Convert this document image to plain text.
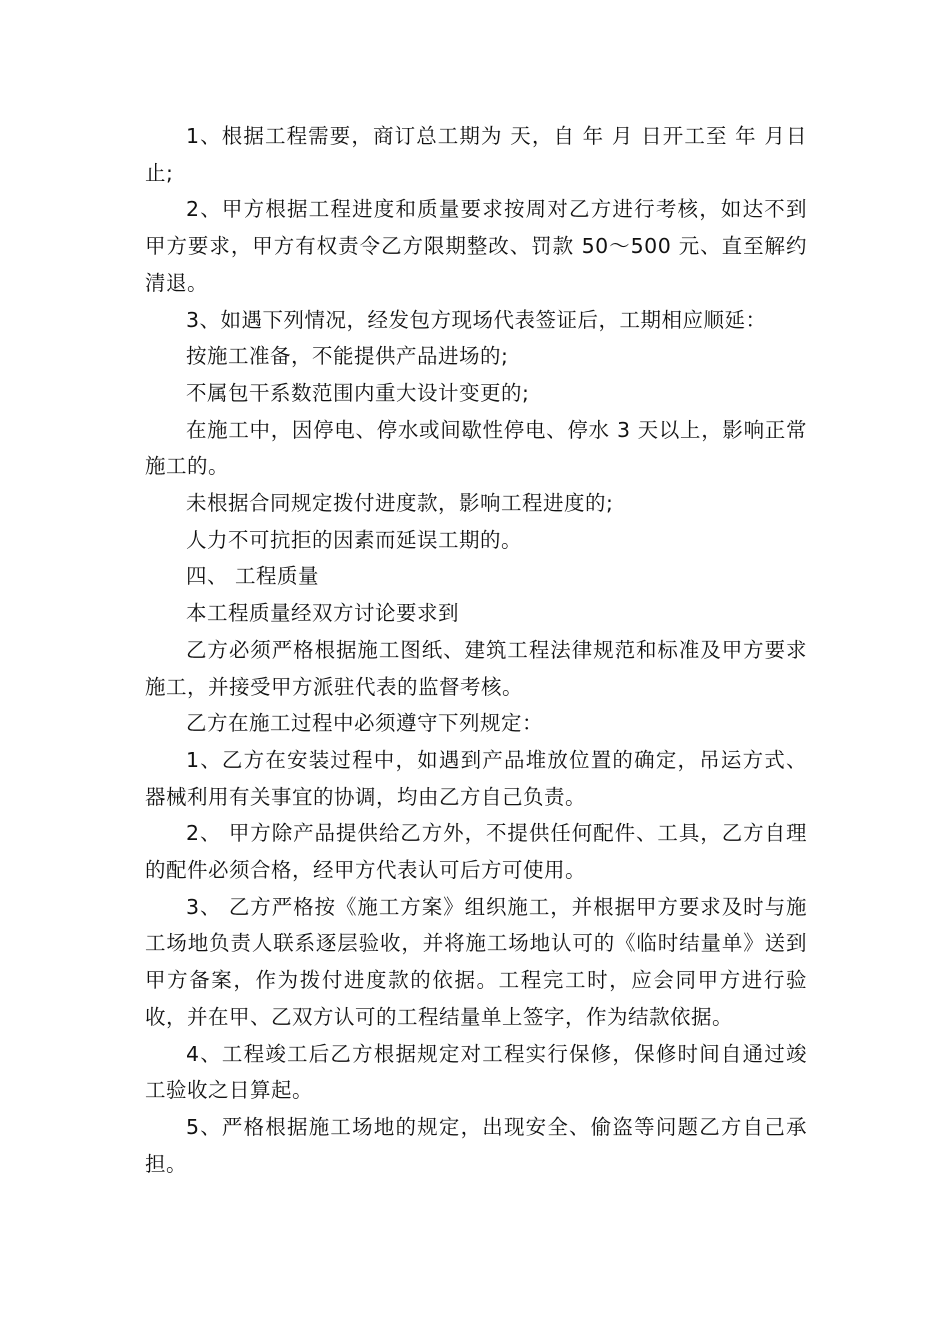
1、根据工程需要，商订总工期为 天，自 年 月 日开工至 年 月日止;

2、甲方根据工程进度和质量要求按周对乙方进行考核，如达不到甲方要求，甲方有权责令乙方限期整改、罚款 50～500 元、直至解约清退。

3、如遇下列情况，经发包方现场代表签证后，工期相应顺延：

按施工准备，不能提供产品进场的;

不属包干系数范围内重大设计变更的;

在施工中，因停电、停水或间歇性停电、停水 3 天以上，影响正常施工的。

未根据合同规定拨付进度款，影响工程进度的;

人力不可抗拒的因素而延误工期的。

四、 工程质量

本工程质量经双方讨论要求到

乙方必须严格根据施工图纸、建筑工程法律规范和标准及甲方要求施工，并接受甲方派驻代表的监督考核。

乙方在施工过程中必须遵守下列规定：

1、乙方在安装过程中，如遇到产品堆放位置的确定，吊运方式、器械利用有关事宜的协调，均由乙方自己负责。

2、 甲方除产品提供给乙方外，不提供任何配件、工具，乙方自理的配件必须合格，经甲方代表认可后方可使用。

3、 乙方严格按《施工方案》组织施工，并根据甲方要求及时与施工场地负责人联系逐层验收，并将施工场地认可的《临时结量单》送到甲方备案，作为拨付进度款的依据。工程完工时，应会同甲方进行验收，并在甲、乙双方认可的工程结量单上签字，作为结款依据。

4、工程竣工后乙方根据规定对工程实行保修，保修时间自通过竣工验收之日算起。

5、严格根据施工场地的规定，出现安全、偷盗等问题乙方自己承担。
